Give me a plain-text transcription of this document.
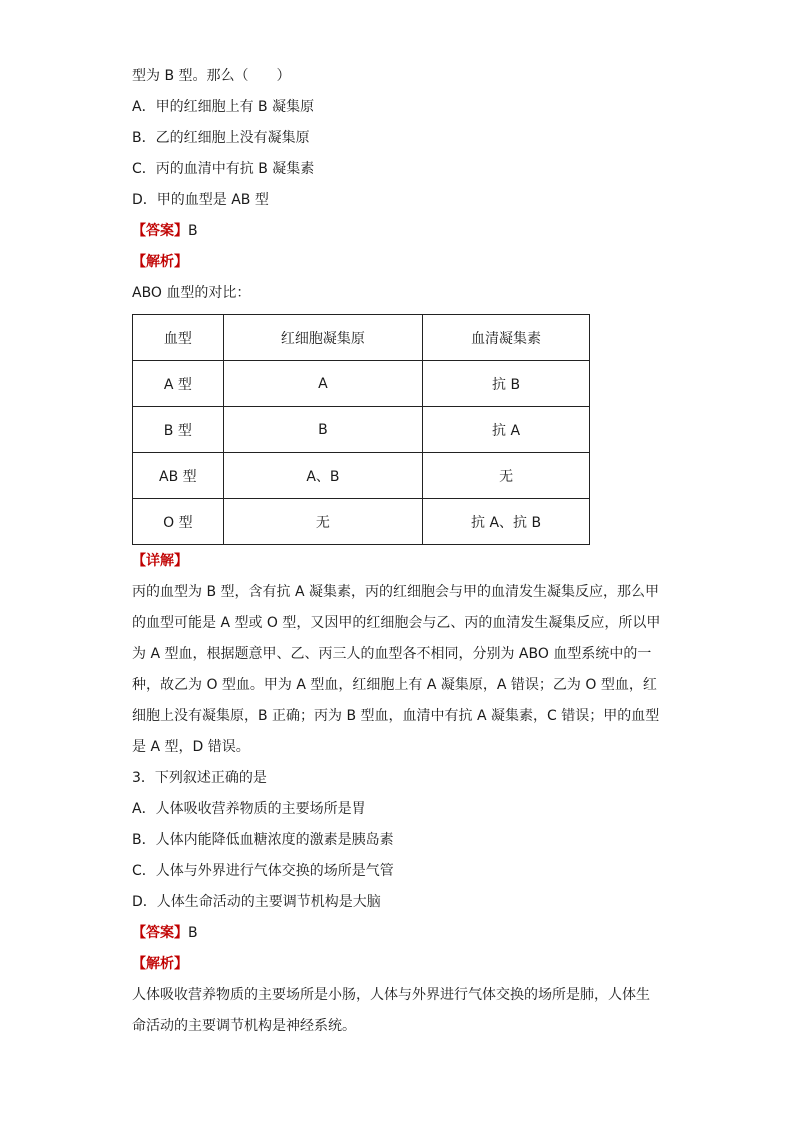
型为 B 型。那么（　　）
A．甲的红细胞上有 B 凝集原
B．乙的红细胞上没有凝集原
C．丙的血清中有抗 B 凝集素
D．甲的血型是 AB 型
【答案】B
【解析】
ABO 血型的对比：
血型	红细胞凝集原	血清凝集素
A 型	A	抗 B
B 型	B	抗 A
AB 型	A、B	无
O 型	无	抗 A、抗 B
【详解】
丙的血型为 B 型，含有抗 A 凝集素，丙的红细胞会与甲的血清发生凝集反应，那么甲
的血型可能是 A 型或 O 型，又因甲的红细胞会与乙、丙的血清发生凝集反应，所以甲
为 A 型血，根据题意甲、乙、丙三人的血型各不相同，分别为 ABO 血型系统中的一
种，故乙为 O 型血。甲为 A 型血，红细胞上有 A 凝集原，A 错误；乙为 O 型血，红
细胞上没有凝集原，B 正确；丙为 B 型血，血清中有抗 A 凝集素，C 错误；甲的血型
是 A 型，D 错误。
3．下列叙述正确的是
A．人体吸收营养物质的主要场所是胃
B．人体内能降低血糖浓度的激素是胰岛素
C．人体与外界进行气体交换的场所是气管
D．人体生命活动的主要调节机构是大脑
【答案】B
【解析】
人体吸收营养物质的主要场所是小肠，人体与外界进行气体交换的场所是肺，人体生
命活动的主要调节机构是神经系统。
